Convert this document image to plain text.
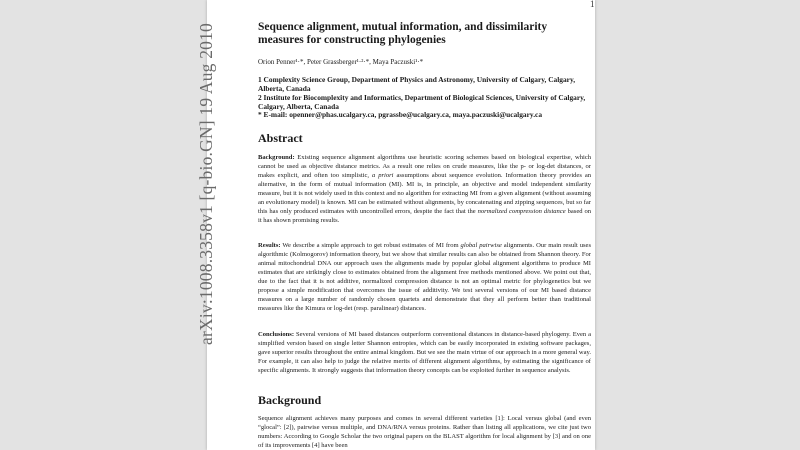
arXiv:1008.3358v1 [q-bio.GN] 19 Aug 2010
1
Sequence alignment, mutual information, and dissimilarity measures for constructing phylogenies
Orion Penner¹·*, Peter Grassberger¹·²·*, Maya Paczuski¹·*
1 Complexity Science Group, Department of Physics and Astronomy, University of Calgary, Calgary, Alberta, Canada
2 Institute for Biocomplexity and Informatics, Department of Biological Sciences, University of Calgary, Calgary, Alberta, Canada
* E-mail: openner@phas.ucalgary.ca, pgrassbe@ucalgary.ca, maya.paczuski@ucalgary.ca
Abstract

Background: Existing sequence alignment algorithms use heuristic scoring schemes based on biological expertise, which cannot be used as objective distance metrics. As a result one relies on crude measures, like the p- or log-det distances, or makes explicit, and often too simplistic, a priori assumptions about sequence evolution. Information theory provides an alternative, in the form of mutual information (MI). MI is, in principle, an objective and model independent similarity measure, but it is not widely used in this context and no algorithm for extracting MI from a given alignment (without assuming an evolutionary model) is known. MI can be estimated without alignments, by concatenating and zipping sequences, but so far this has only produced estimates with uncontrolled errors, despite the fact that the normalized compression distance based on it has shown promising results.

Results: We describe a simple approach to get robust estimates of MI from global pairwise alignments. Our main result uses algorithmic (Kolmogorov) information theory, but we show that similar results can also be obtained from Shannon theory. For animal mitochondrial DNA our approach uses the alignments made by popular global alignment algorithms to produce MI estimates that are strikingly close to estimates obtained from the alignment free methods mentioned above. We point out that, due to the fact that it is not additive, normalized compression distance is not an optimal metric for phylogenetics but we propose a simple modification that overcomes the issue of additivity. We test several versions of our MI based distance measures on a large number of randomly chosen quartets and demonstrate that they all perform better than traditional measures like the Kimura or log-det (resp. paralinear) distances.

Conclusions: Several versions of MI based distances outperform conventional distances in distance-based phylogeny. Even a simplified version based on single letter Shannon entropies, which can be easily incorporated in existing software packages, gave superior results throughout the entire animal kingdom. But we see the main virtue of our approach in a more general way. For example, it can also help to judge the relative merits of different alignment algorithms, by estimating the significance of specific alignments. It strongly suggests that information theory concepts can be exploited further in sequence analysis.

Background

Sequence alignment achieves many purposes and comes in several different varieties [1]: Local versus global (and even “glocal”: [2]), pairwise versus multiple, and DNA/RNA versus proteins. Rather than listing all applications, we cite just two numbers: According to Google Scholar the two original papers on the BLAST algorithm for local alignment by [3] and on one of its improvements [4] have been
